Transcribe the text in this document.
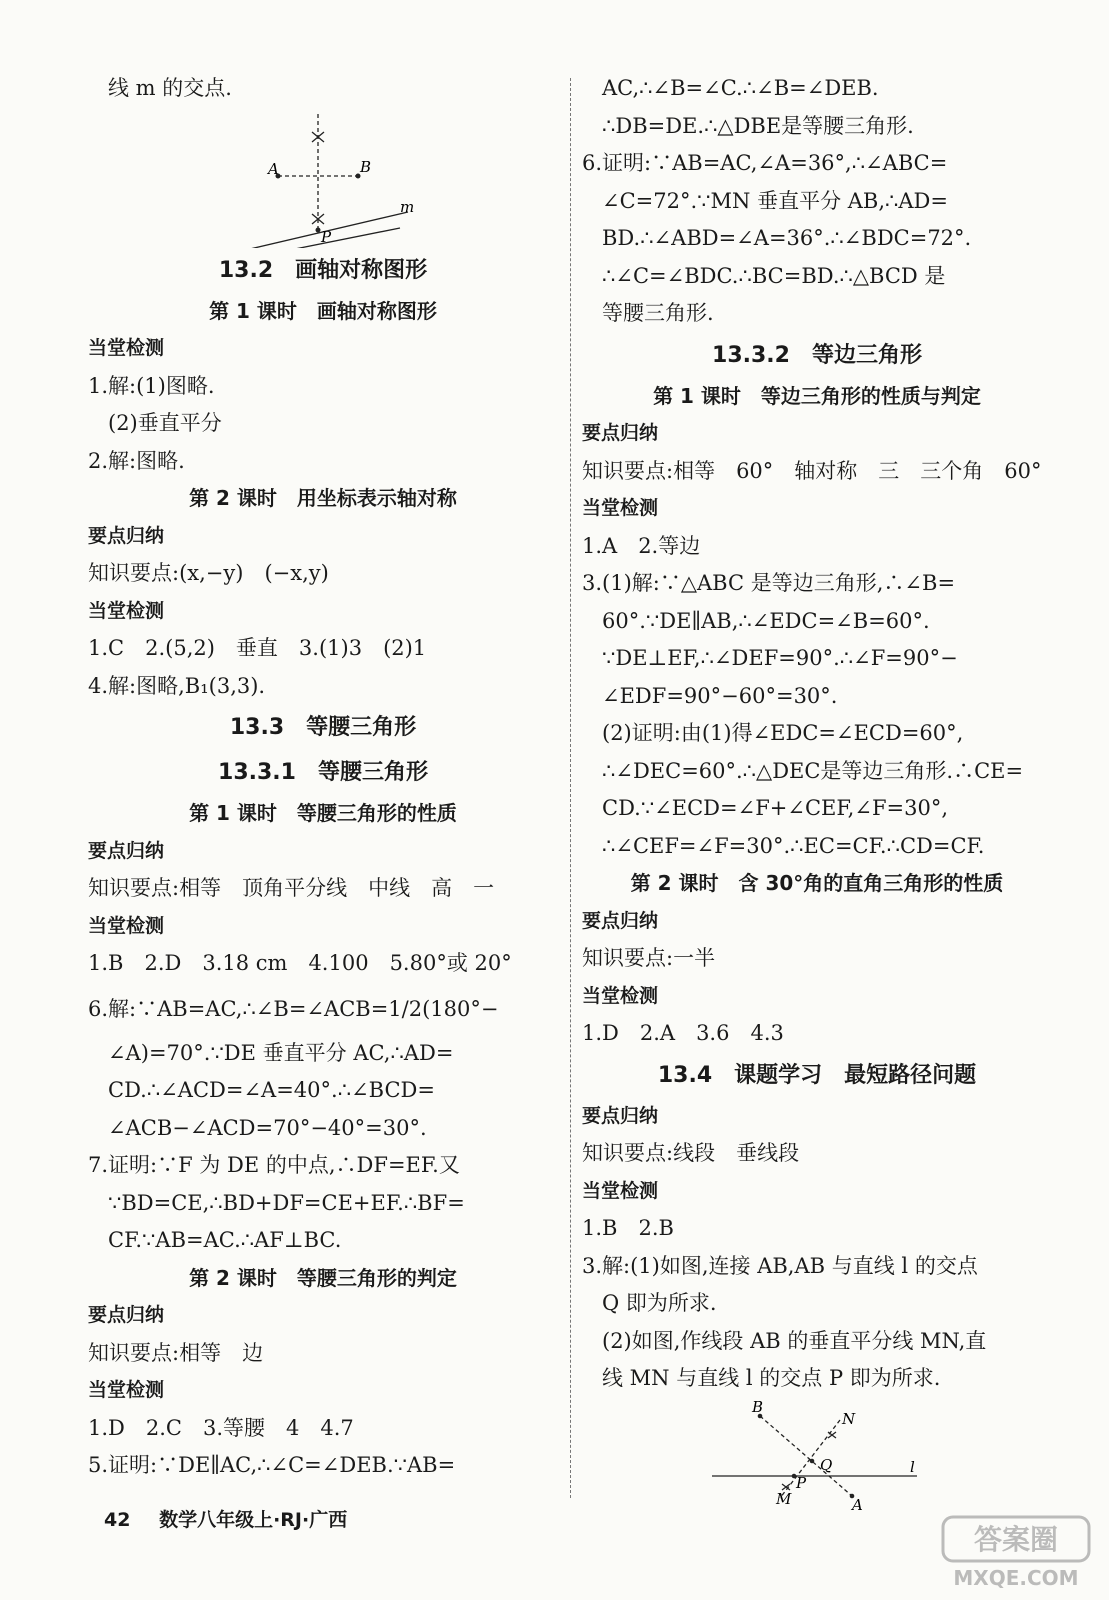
线 m 的交点.
A	B
m
P
13.2　画轴对称图形
第 1 课时　画轴对称图形
当堂检测
1.解:(1)图略.
(2)垂直平分
2.解:图略.
第 2 课时　用坐标表示轴对称
要点归纳
知识要点:(x,−y)　(−x,y)
当堂检测
1.C　2.(5,2)　垂直　3.(1)3　(2)1
4.解:图略,B₁(3,3).
13.3　等腰三角形
13.3.1　等腰三角形
第 1 课时　等腰三角形的性质
要点归纳
知识要点:相等　顶角平分线　中线　高　一
当堂检测
1.B　2.D　3.18 cm　4.100　5.80°或 20°
6.解:∵AB=AC,∴∠B=∠ACB=1/2(180°−
∠A)=70°.∵DE 垂直平分 AC,∴AD=
CD.∴∠ACD=∠A=40°.∴∠BCD=
∠ACB−∠ACD=70°−40°=30°.
7.证明:∵F 为 DE 的中点,∴DF=EF.又
∵BD=CE,∴BD+DF=CE+EF.∴BF=
CF.∵AB=AC.∴AF⊥BC.
第 2 课时　等腰三角形的判定
要点归纳
知识要点:相等　边
当堂检测
1.D　2.C　3.等腰　4　4.7
5.证明:∵DE∥AC,∴∠C=∠DEB.∵AB=
AC,∴∠B=∠C.∴∠B=∠DEB.
∴DB=DE.∴△DBE是等腰三角形.
6.证明:∵AB=AC,∠A=36°,∴∠ABC=
∠C=72°.∵MN 垂直平分 AB,∴AD=
BD.∴∠ABD=∠A=36°.∴∠BDC=72°.
∴∠C=∠BDC.∴BC=BD.∴△BCD 是
等腰三角形.
13.3.2　等边三角形
第 1 课时　等边三角形的性质与判定
要点归纳
知识要点:相等　60°　轴对称　三　三个角　60°
当堂检测
1.A　2.等边
3.(1)解:∵△ABC 是等边三角形,∴∠B=
60°.∵DE∥AB,∴∠EDC=∠B=60°.
∵DE⊥EF,∴∠DEF=90°.∴∠F=90°−
∠EDF=90°−60°=30°.
(2)证明:由(1)得∠EDC=∠ECD=60°,
∴∠DEC=60°.∴△DEC是等边三角形.∴CE=
CD.∵∠ECD=∠F+∠CEF,∠F=30°,
∴∠CEF=∠F=30°.∴EC=CF.∴CD=CF.
第 2 课时　含 30°角的直角三角形的性质
要点归纳
知识要点:一半
当堂检测
1.D　2.A　3.6　4.3
13.4　课题学习　最短路径问题
要点归纳
知识要点:线段　垂线段
当堂检测
1.B　2.B
3.解:(1)如图,连接 AB,AB 与直线 l 的交点
Q 即为所求.
(2)如图,作线段 AB 的垂直平分线 MN,直
线 MN 与直线 l 的交点 P 即为所求.
B
N
Q	l
P
M	A
42 数学八年级上·RJ·广西
答案圈
MXQE.COM
